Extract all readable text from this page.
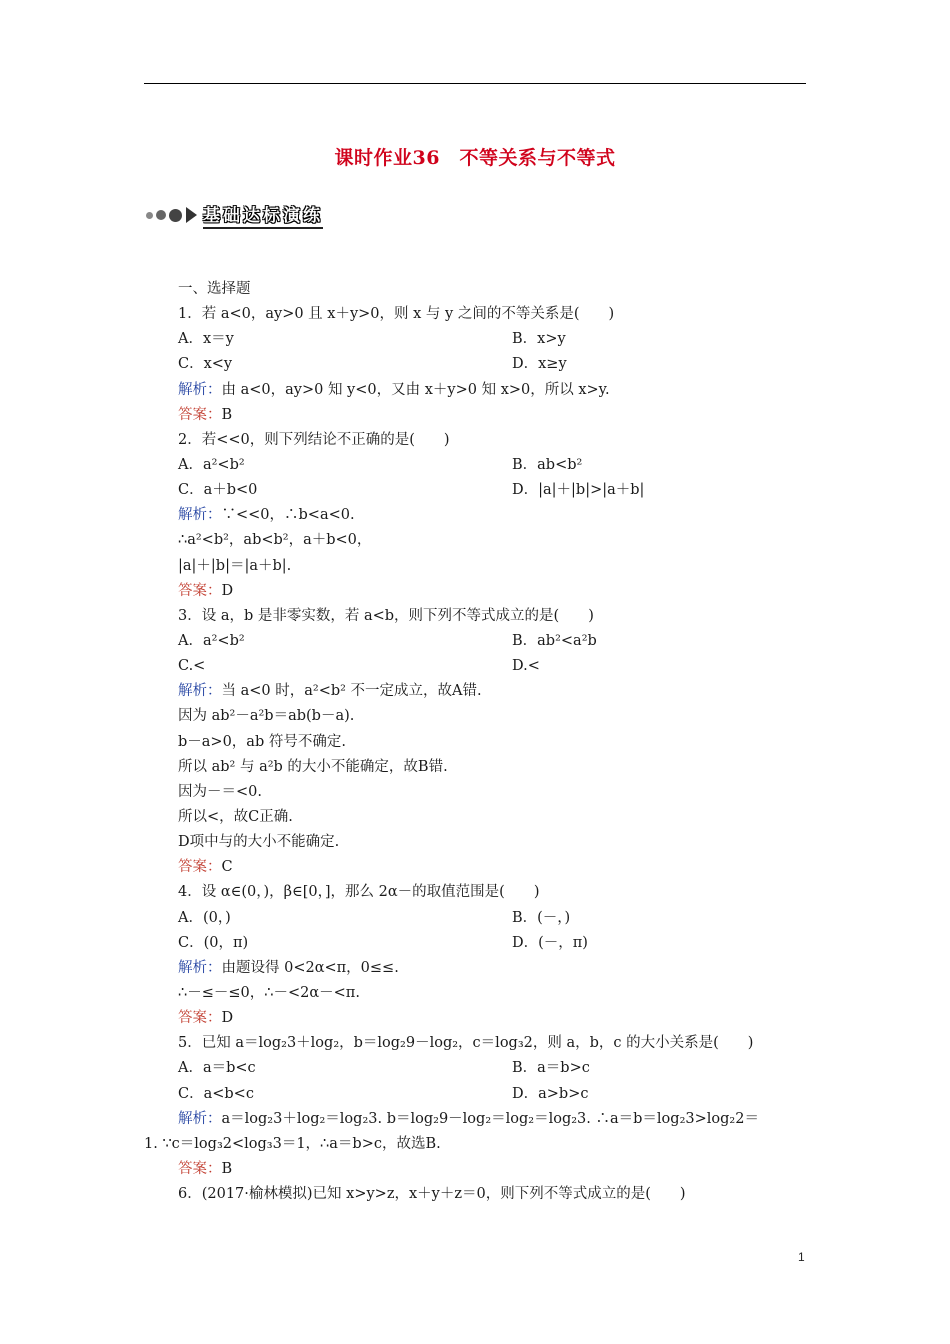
课时作业36　不等关系与不等式
基础达标演练
一、选择题
1．若 a<0，ay>0 且 x＋y>0，则 x 与 y 之间的不等关系是(　　)
A．x＝y	B．x>y
C．x<y	D．x≥y
解析：由 a<0，ay>0 知 y<0，又由 x＋y>0 知 x>0，所以 x>y.
答案：B
2．若<<0，则下列结论不正确的是(　　)
A．a²<b²	B．ab<b²
C．a＋b<0	D．|a|＋|b|>|a＋b|
解析：∵<<0，∴b<a<0.
∴a²<b²，ab<b²，a＋b<0，
|a|＋|b|＝|a＋b|.
答案：D
3．设 a，b 是非零实数，若 a<b，则下列不等式成立的是(　　)
A．a²<b²	B．ab²<a²b
C.<	D.<
解析：当 a<0 时，a²<b² 不一定成立，故A错.
因为 ab²－a²b＝ab(b－a).
b－a>0，ab 符号不确定.
所以 ab² 与 a²b 的大小不能确定，故B错.
因为－＝<0.
所以<，故C正确.
D项中与的大小不能确定.
答案：C
4．设 α∈(0，)，β∈[0，]，那么 2α－的取值范围是(　　)
A．(0，)	B．(－，)
C．(0，π)	D．(－，π)
解析：由题设得 0<2α<π，0≤≤.
∴－≤－≤0，∴－<2α－<π.
答案：D
5．已知 a＝log₂3＋log₂，b＝log₂9－log₂，c＝log₃2，则 a，b，c 的大小关系是(　　)
A．a＝b<c	B．a＝b>c
C．a<b<c	D．a>b>c
解析：a＝log₂3＋log₂＝log₂3. b＝log₂9－log₂＝log₂＝log₂3. ∴a＝b＝log₂3>log₂2＝
1. ∵c＝log₃2<log₃3＝1，∴a＝b>c，故选B.
答案：B
6．(2017·榆林模拟)已知 x>y>z，x＋y＋z＝0，则下列不等式成立的是(　　)
1
